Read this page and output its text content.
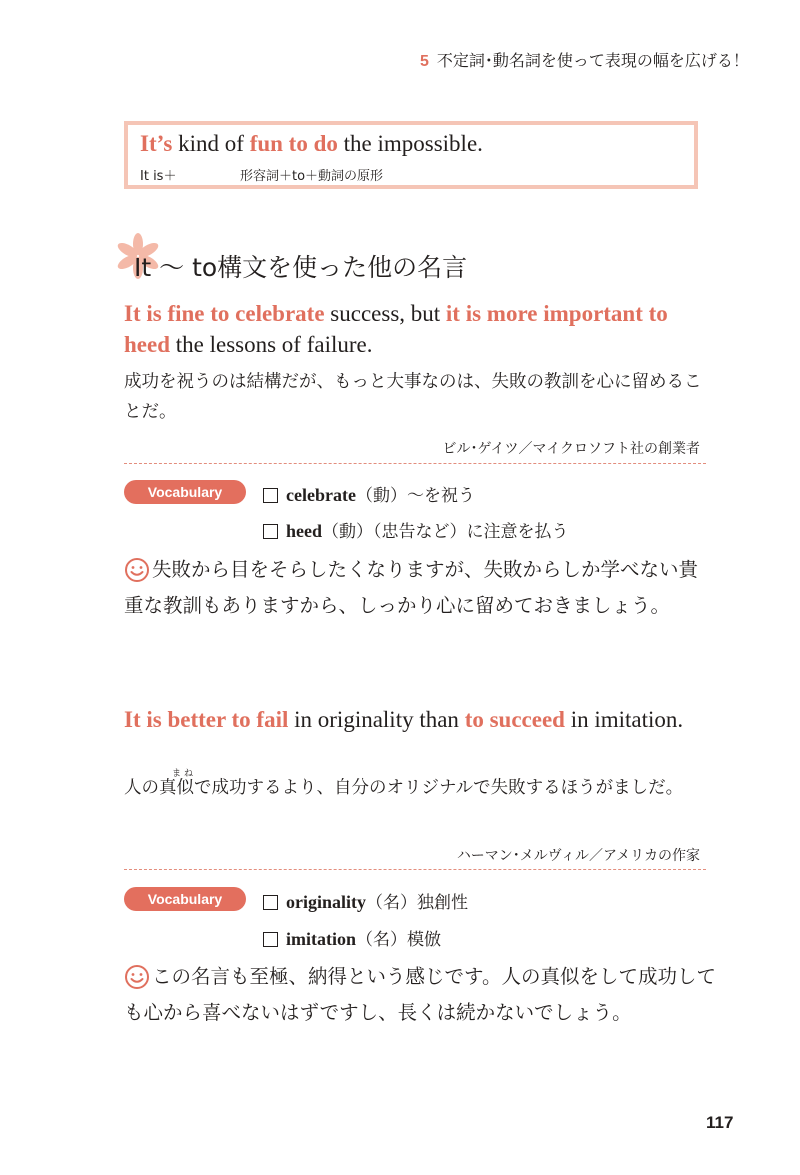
5 不定詞･動名詞を使って表現の幅を広げる！
It’s kind of fun to do the impossible.
It is＋	形容詞＋to＋動詞の原形
It 〜 to構文を使った他の名言
It is fine to celebrate success, but it is more important to heed the lessons of failure.
成功を祝うのは結構だが、もっと大事なのは、失敗の教訓を心に留めることだ。
ビル･ゲイツ／マイクロソフト社の創業者
Vocabulary	celebrate（動）〜を祝う
heed（動）（忠告など）に注意を払う
失敗から目をそらしたくなりますが、失敗からしか学べない貴重な教訓もありますから、しっかり心に留めておきましょう。
It is better to fail in originality than to succeed in imitation.
まね
人の真似で成功するより、自分のオリジナルで失敗するほうがましだ。
ハーマン･メルヴィル／アメリカの作家
Vocabulary	originality（名）独創性
imitation（名）模倣
この名言も至極、納得という感じです。人の真似をして成功しても心から喜べないはずですし、長くは続かないでしょう。
117
